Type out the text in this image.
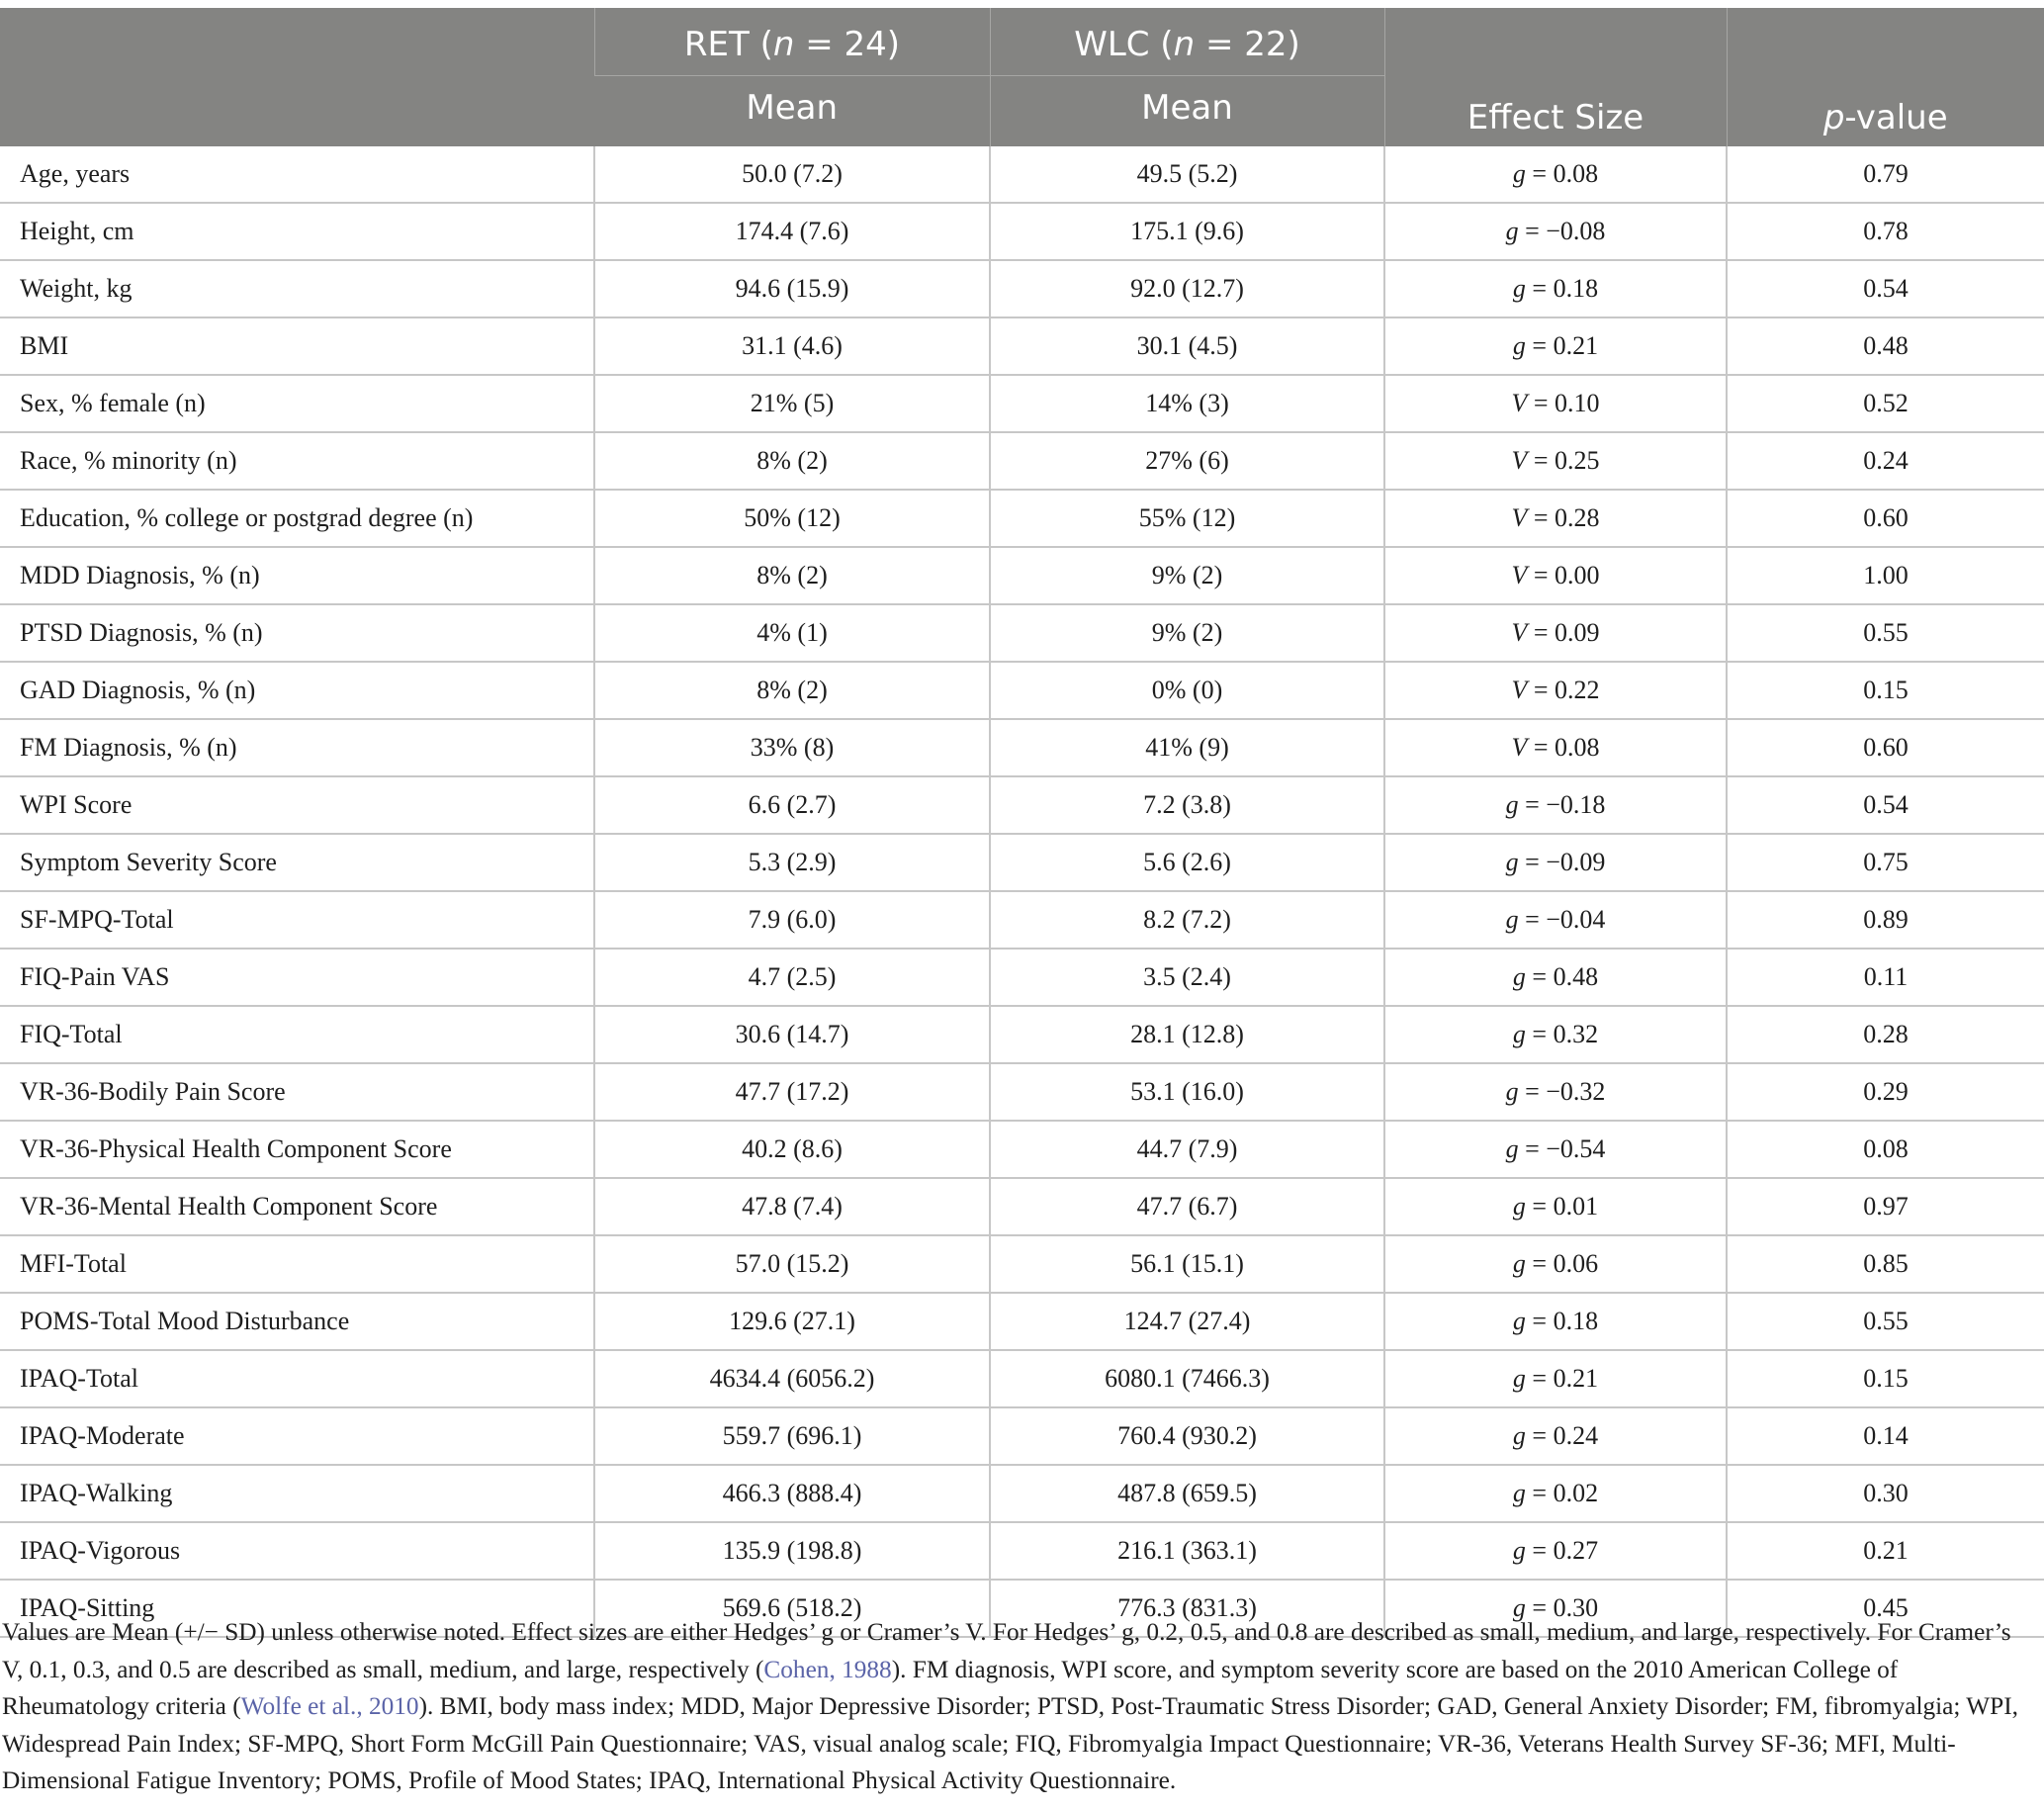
	RET (n = 24)	WLC (n = 22)	Effect Size	p-value
	Mean	Mean		
Age, years	50.0 (7.2)	49.5 (5.2)	g = 0.08	0.79
Height, cm	174.4 (7.6)	175.1 (9.6)	g = −0.08	0.78
Weight, kg	94.6 (15.9)	92.0 (12.7)	g = 0.18	0.54
BMI	31.1 (4.6)	30.1 (4.5)	g = 0.21	0.48
Sex, % female (n)	21% (5)	14% (3)	V = 0.10	0.52
Race, % minority (n)	8% (2)	27% (6)	V = 0.25	0.24
Education, % college or postgrad degree (n)	50% (12)	55% (12)	V = 0.28	0.60
MDD Diagnosis, % (n)	8% (2)	9% (2)	V = 0.00	1.00
PTSD Diagnosis, % (n)	4% (1)	9% (2)	V = 0.09	0.55
GAD Diagnosis, % (n)	8% (2)	0% (0)	V = 0.22	0.15
FM Diagnosis, % (n)	33% (8)	41% (9)	V = 0.08	0.60
WPI Score	6.6 (2.7)	7.2 (3.8)	g = −0.18	0.54
Symptom Severity Score	5.3 (2.9)	5.6 (2.6)	g = −0.09	0.75
SF-MPQ-Total	7.9 (6.0)	8.2 (7.2)	g = −0.04	0.89
FIQ-Pain VAS	4.7 (2.5)	3.5 (2.4)	g = 0.48	0.11
FIQ-Total	30.6 (14.7)	28.1 (12.8)	g = 0.32	0.28
VR-36-Bodily Pain Score	47.7 (17.2)	53.1 (16.0)	g = −0.32	0.29
VR-36-Physical Health Component Score	40.2 (8.6)	44.7 (7.9)	g = −0.54	0.08
VR-36-Mental Health Component Score	47.8 (7.4)	47.7 (6.7)	g = 0.01	0.97
MFI-Total	57.0 (15.2)	56.1 (15.1)	g = 0.06	0.85
POMS-Total Mood Disturbance	129.6 (27.1)	124.7 (27.4)	g = 0.18	0.55
IPAQ-Total	4634.4 (6056.2)	6080.1 (7466.3)	g = 0.21	0.15
IPAQ-Moderate	559.7 (696.1)	760.4 (930.2)	g = 0.24	0.14
IPAQ-Walking	466.3 (888.4)	487.8 (659.5)	g = 0.02	0.30
IPAQ-Vigorous	135.9 (198.8)	216.1 (363.1)	g = 0.27	0.21
IPAQ-Sitting	569.6 (518.2)	776.3 (831.3)	g = 0.30	0.45
Values are Mean (+/− SD) unless otherwise noted. Effect sizes are either Hedges’ g or Cramer’s V. For Hedges’ g, 0.2, 0.5, and 0.8 are described as small, medium, and large, respectively. For Cramer’s V, 0.1, 0.3, and 0.5 are described as small, medium, and large, respectively (Cohen, 1988). FM diagnosis, WPI score, and symptom severity score are based on the 2010 American College of Rheumatology criteria (Wolfe et al., 2010). BMI, body mass index; MDD, Major Depressive Disorder; PTSD, Post-Traumatic Stress Disorder; GAD, General Anxiety Disorder; FM, fibromyalgia; WPI, Widespread Pain Index; SF-MPQ, Short Form McGill Pain Questionnaire; VAS, visual analog scale; FIQ, Fibromyalgia Impact Questionnaire; VR-36, Veterans Health Survey SF-36; MFI, Multi-Dimensional Fatigue Inventory; POMS, Profile of Mood States; IPAQ, International Physical Activity Questionnaire.
